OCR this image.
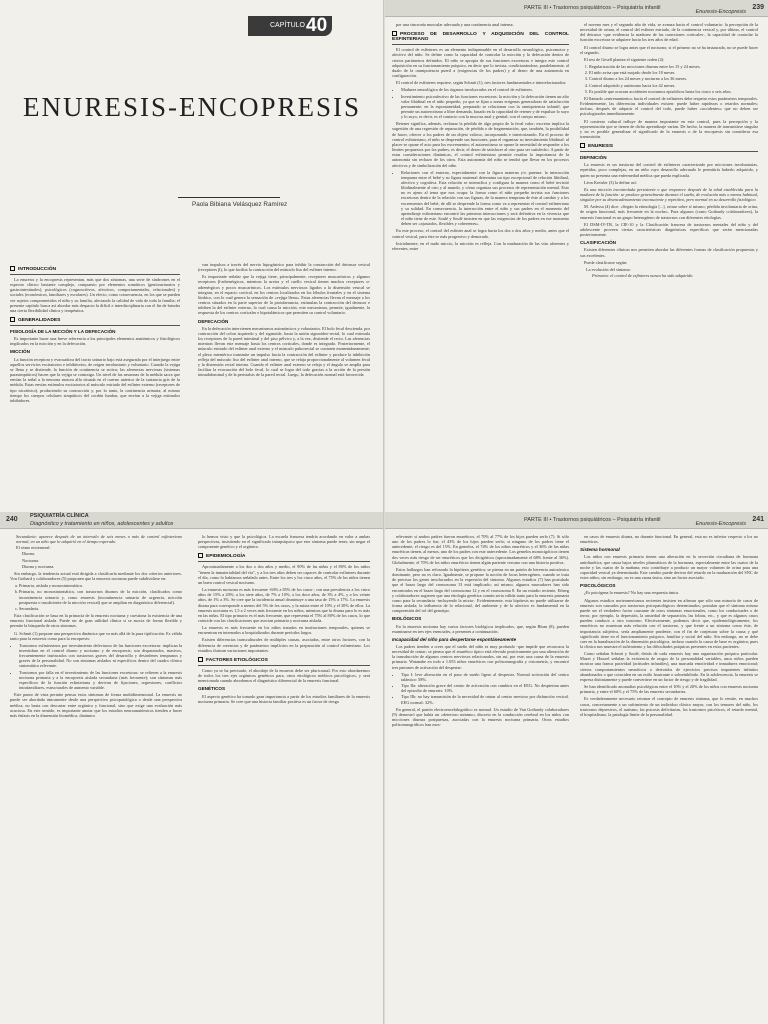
CAPÍTULO 40
ENURESIS-ENCOPRESIS
Paola Bibiana Velásquez Ramírez
INTRODUCCIÓN

La enuresis y la encopresis representan, más que dos síntomas, una serie de síndromes en el espectro clínico bastante complejo, compuesto por elementos somáticos (genitourinarios y gastrointestinales), psicológicos (cognoscitivos, afectivos, comportamentales, relacionales) y sociales (económicos, familiares y escolares). Un efecto, como consecuencia, en los que se pueden ver sujetos comprometidos el niño y su familia, afectando la calidad de vida de toda la familia; el presente capítulo busca así abordar más despacio la difícil e interdisciplinaria con el fin de brindar una cierta flexibilidad clínica y terapéutica.

GENERALIDADES
FISIOLOGÍA DE LA MICCIÓN Y LA DEFECACIÓN

Es importante hacer una breve referencia a los principales elementos anatómicos y fisiológicos implicados en la micción y en la defecación.

MICCIÓN

La función receptora y evacuadora del tracto urinario bajo está asegurada por el interjuego entre aquellos servicios excitatorios e inhibitorios, de origen involuntario y voluntario. Cuando la vejiga se llena y se distiende, la función de continencia se activa; las aferencias nerviosas (sistemas parasimpáticos) hacen que la vejiga se contraiga. Un nivel de las neuronas de la médula sacra que envían la señal a la neurona motora alfa situada en el cuerno anterior de la sustancia gris de la médula. Estas envían estímulos excitatorios al músculo estriado del esfínter externo (receptores de tipo nicotínico), produciendo su contracción y, por lo tanto, la continencia urinaria; al mismo tiempo los cuerpos celulares simpáticos del cordón lumbar, que envían a la vejiga estímulos inhibidores.

van impulsos a través del nervio hipogástrico para inhibir la contracción del detrusor vesical (receptores β), lo que facilita la contracción del músculo liso del esfínter interno.

Es importante señalar que la vejiga tiene, principalmente, receptores muscarínicos y algunos receptores β-adrenérgicos, mientras la uretra y el cuello vesical tienen muchos receptores α-adrenérgicos y pocos muscarínicos. Los estímulos nerviosos ligados a la distensión vesical se integran, en el espacio cortical, en los centros localizados en los lóbulos frontales y en el sistema límbico, con lo cual genera la sensación de «vejiga llena». Estas aferencias llevan el mensaje a los centros situados en la parte superior de la protuberancia, estimulan la contracción del detrusor e inhiben la del esfínter externo, lo cual causa la micción; este mecanismo, permite, igualmente, la respuesta de los centros corticales e hipotalámicos que permiten su control voluntario.

DEFECACIÓN

En la defecación intervienen mecanismos autonómicos y voluntarios. El bolo fecal descienda, por contracción del colon izquierdo y del sigmoide, hasta la unión sigmoideo-rectal, lo cual estimula los receptores de la pared intestinal y del piso pélvico y, a la vez, distiende el recto. Las aferencias mientras llevan este mensaje hasta los centros corticales, donde es integrado. Posteriormente, el músculo estriado del esfínter anal externo y el músculo puborrectal se contraen momentáneamente; el plexo mientérico transmite un impulso hacia la contracción del esfínter y produce la inhibición refleja del músculo liso del esfínter anal interno, que se relaja proporcionalmente al volumen fecal y la distensión rectal interna. Cuando el esfínter anal externo se relaja y el ángulo se amplía para facilitar la evacuación del bolo fecal, lo cual se logra del todo gracias a la acción de la presión intraabdominal y de la peristalsis de la pared rectal. Luego, la defecación normal está favorecida

PARTE III • Trastornos psiquiátricos – Psiquiatría infantil
Enuresis-Encopresis
239

por una sincronía muscular adecuada y una continencia anal intensa.

PROCESO DE DESARROLLO Y ADQUISICIÓN DEL CONTROL ESFINTERIANO

El control de esfínteres es un elemento indispensable en el desarrollo neurológico, psicomotor y afectivo del niño. Se define como la capacidad de controlar la micción y la defecación dentro de ciertos parámetros definidos. El niño se apropia de sus funciones excretoras e integra este control adquisición en su funcionamiento psíquico, en decir que lo invista, condicionándose, paralelamente, al dualo de la omnipotencia pueril a (exigencias de los padres) y al deseo de una autonomía en configuración.

El control de esfínteres requiere, según Schmit (1), tres factores fundamentales e interrelacionados:

• Madurez neurológica de los órganos involucrados en el control de esfínteres.
• Investimiento psicoafectivo de las funciones excretoras: la micción y la defecación tienen un alto valor libidinal en el niño pequeño, ya que se fijan a zonas erógenas generadoras de satisfacción permanente; en la espontaneidad, preparado se relacionan con la omnipotencia infantil, que permite un autoerotismo a libre demanda, basado en la capacidad de retener y de expulsar lo suyo y lo suyo, es decir, es el contacto con la mucosa anal y genital; con el cuerpo mismo.

Retener significa, además, rechazar la pérdida de algo propio de la fecal valor; excretar implica la sugestión de una regresión de separación, de pérdida o de fragmentación, que, también, la posibilidad de hacer, ofrecer a los padres de un objeto valioso, incorporando e interiorizando. En el proceso de control esfinteriano, el niño se desprende sus funciones, para el organizar su investimiento libidinal: al placer se opone el acto para los excrementos; el autoerotismo se opone la necesidad de responder a los límites propuestos por los padres, es decir, el deseo de satisfacer al otro para ser satisfecho. A partir de estas consideraciones dinámicas, el control esfinteriano permite resaltar la importancia de la autonomía sin rechazo de los otros. Esta autonomía del niño se tendrá que llevar en los procesos afectivos y de simbolización del niño.

• Relaciones con el entorno, especialmente con la figura materna y/o paterna: la interacción temprana entre el bebé y su figura maternal determina un tipo excepcional de relación libidinal, afectiva y cognitiva. Esta relación se intensifica y configura la manera como el bebé invistió libidinalmente al otro y al mundo, y cómo organiza sus procesos de representación mental. Esto no es ajeno al tema que nos ocupa: la forma como el niño pequeño invista sus funciones excretoras dentro de la relación con sus figuras, de la manera temprana de éste al cambio y a los excrementos del bebé, de allí se desprende la forma como va a representar el control esfinteriano y su solidad. En consecuencia, la interacción entre el niño y sus padres en el momento del aprendizaje esfinteriano encontró las primeras interacciones y será definitiva en la vivencia que el niño tiene de este. Soulé y Soulé insisten en que las exigencias de los padres en ese momento deben ser «ajustados, flexibles y coherentes».

En este proceso, el control del esfínter anal se logra hacia los dos o dos años y medio, antes que el control vesical, para éste se más progresivo y demorado.

Inicialmente, en el nudo miccio, la micción es refleja. Con la maduración de las vías aferentes y eferentes, entre

el noveno mes y el segundo año de vida, se avanza hacia el control voluntario: la percepción de la necesidad de orinar, el control del esfínter estriado, de la continencia vesical y, por último, el control del detrusor -que evidencia la madurez de las conexiones corticales-, la capacidad de controlar la función excretora se adquiere hacia los tres años de edad.

El control diurno se logra antes que el nocturno; si el primero no se ha instaurado, no se puede hacer el segundo.

El test de Gesell plantea el siguiente orden (2):

1. Regularización de las micciones diurnas entre los 15 y 24 meses.
2. El niño avisa que está mojado desde los 18 meses.
3. Control diurno a los 24 meses y nocturno a los 36 meses.
4. Control adquirido y autónomo hacia los 42 meses.
5. Es posible que ocurran accidentes nocturnos episódicos hasta los cinco o seis años.

El llamado «entrenamiento» hacia el control de esfínteres debe respetar estos parámetros temporales. Evidentemente, las diferencias individuales existen: puede haber rapidezas o retardos normales; incluso, después de adquirir el control del todo, puede haber «accidentes» que no deben ser psicologizados inmediatamente.

El contexto cultural influye de manera importante en este control, pues la percepción y la representación que se tienen de dicho aprendizaje varían. De hecho, la manera de transmitirse singular y no es posible generalizar el significado de la enuresis o de la encopresis sin considerar esa transmisión.

ENURESIS
DEFINICIÓN

La enuresis es un trastorno del control de esfínteres caracterizado por micciones involuntarias, repetidas, poco complejas, en un niño cuyo desarrollo adecuado le permitiría haberlo adquirido, y quien no presenta una enfermedad médica que pueda explicarla.

Léon Kreisler (3) la define así:

Es una micción incontrolada persistente o que reaparece después de la edad establecida para la madurez de la función: se produce generalmente durante el sueño, de evolución más o menos habitual, singular por su desencadenamiento inconsciente y repetitivo, pero normal en su desarrollo fisiológico.

M. Ardessa (4) dice: «Según la etimología [...], orinar sobre sí mismo; pérdida involuntaria de orina, de origen funcional, más frecuente en la noche». Para algunos (como Gothardy colaboradores), la enuresis funcional es un grupo heterogéneo de trastornos con diferentes etiologías.

El DSM-IV-TR, la CIE-10 y la Clasificación francesa de trastornos mentales del niño y del adolescente proveen ciertas características diagnósticas específicas que serán mencionadas posteriormente.

CLASIFICACIÓN

Existen diferentes clínicas nos permiten abordar las diferentes formas de clasificación propuestas y sus excelentes.

Puede clasificarse según:

La evolución del síntoma:
Primaria: el control de esfínteres nunca ha sido adquirido.
240 PSIQUIATRÍA CLÍNICA
Diagnóstico y tratamiento en niños, adolescentes y adultos
Secundaria: aparece después de un intervalo de seis meses o más de control esfinteriano normal, en un niño que lo adquirió en el tiempo esperado.
El ritmo nictemeral:
Diurna.
Nocturna.
Diurna y nocturna.

Sin embargo, la tendencia actual está dirigida a clasificarla mediante los dos criterios anteriores. Von Gothard y colaboradores (5) proponen que la enuresis nocturna puede subdividirse en:

a. Primaria, aislada y monosintomática.
b. Primaria, no monosintomática, con trastornos diurnos de la micción, clasificados como incontinencia urinaria y, como enuresis (incontinencia urinaria de urgencia, micción postpuesta o insuficiente de la micción vesical) que se amplían en diagnóstico diferencial).
c. Secundaria.

Esta clasificación se basa en la primacía de la enuresis nocturna y cuestiona la existencia de una enuresis funcional aislada. Puede ser de gran utilidad clínica si se asocia de forma flexible y permite la búsqueda de otros síntomas.

G. Schmit (1) propone una perspectiva dinámica que va más allá de la pura tipificación. Es válida tanto para la enuresis como para la encopresis:

• Trastornos esfinterianos por investimiento defectuoso de las funciones excretoras: implican la investidura en el control diurno y nocturno y de encopresis; son disparatados, masivos, frecuentemente intrincados con trastornos graves del desarrollo y desórdenes tempranos y graves de la personalidad. No son síntomas aislados ni específicos dentro del cuadro clínico sintomático relevante.
• Trastornos por falla en el investimiento de las funciones excretoras: se refieren a la enuresis nocturna primaria y a la encopresis aislada secundaria (más frecuente); son síntomas más específicos de la función esfinteriana y derivan de fijaciones, regresiones, conflictos intrafamiliares, estructurales de aumento variable.

Este punto de vista permite pensar estos síntomas de forma multidimensional. La enuresis no puede ser abordada únicamente desde una perspectiva psicopatológica o desde una perspectiva médica, no basta con descartar entre orgánico y funcional, sino que exige una evaluación más acuciosa. En este sentido, es importante anotar que los estudios neuroanatómicos tienden a hacer más énfasis en la dimensión biomédica, dinámico

lo hemos visto y que la psicológica. La escuela francesa tendría acordando en valor a ambas perspectivas, insistiendo en el significado intrapsíquico que este síntoma puede tener, sin negar el componente genético y el orgánico.

EPIDEMIOLOGÍA

Aproximadamente a los dos o dos años y medio, el 90% de las niñas y el 80% de los niños "tienen la inmaterialidad del vía", y a los tres años deben ser capaces de controlar esfínteres durante el día, como lo habíamos señalado antes. Entre los tres y los cinco años, el 75% de los niños tienen un buen control vesical nocturno.

La enuresis nocturna es más frecuente -60% a 85% de los casos-, con una prevalencia a los cinco años de 15% a 20%; a los siete años, de 7% a 10%; a los doce años, de 3% a 4%, y a los veinte años, de 1% a 3%. Se cree que la incidencia anual disminuye a una tasa de 15% a 17%. La enuresis diurna para corresponde a menos del 5% de los casos, y la mixta entre el 10% y el 30% de ellos. La enuresis nocturna es 1,5 a 2 veces más frecuente en los niños, mientras que la diurna para lo es más en las niñas. El tipo primario es el más frecuente, que representa el 75% al 80% de los casos, lo que coincide con las clasificaciones que asocian primaria y nocturna aislada.

La enuresis es más frecuente en los niños tratados en instituciones temporales, quienes se encuentran en internados u hospitalizados durante períodos largos.

Existen diferencias transculturales de múltiples causas, asociadas, entre otros factores, con la diferencia de creencias y de parámetros implícitos en la preparación al control esfinteriano. Los estudios ilustran variaciones importantes.

FACTORES ETIOLÓGICOS

Como ya se ha precisado, el abordaje de la enuresis debe ser pluricausal. Por esto abordaremos de todos los tres ejes orgánicos genéticos para, otros etiológicos médicos psicológicos, y será mencionada cuando abordemos el diagnóstico diferencial de la enuresis funcional.

GENÉTICOS

El aspecto genético ha tomado gran importancia a partir de los estudios familiares de la enuresis nocturna primaria. Se cree que una historia familiar positiva es un factor de riesgo

PARTE III • Trastornos psiquiátricos – Psiquiatría infantil
Enuresis-Encopresis
241

relevante: si ambos padres fueron enuréticos, el 70% al 77% de los hijos pueden serlo (7). Si sólo uno de los padres lo fue, el 43% de los hijos pueden serlo; si ninguno de los padres tiene el antecedente, el riesgo es del 15%. En gemelos, el 74% de los niños enuréticos y el 36% de las niñas enuréticas tienen, al menos, uno de los padres con este antecedente. Los gemelos monocigóticos tienen dos veces más riesgo de ser enuréticos que los dicigóticos (aproximadamente el 68% frente al 36%). Globalmente, el 70% de los niños enuréticos tienen algún pariente cercano con una historia positiva.

Estos hallazgos han reforzado la hipótesis genética; se piensa en un patrón de herencia autosómico dominante, pero no es claro. Igualmente, se propone la noción de locus heterogéneo, cuando se trata de precisar los genes involucrados en la expresión del síntoma. Algunos estudios (7) han postulado que el brazo largo del cromosoma 13 está implicado; así mismo, algunos marcadores han sido encontrados en el brazo largo del cromosoma 12 y en el cromosoma 8. En un estudio reciente, Eiberg y colaboradores sugieren que una etiología genética común sería válida tanto para la enuresis primaria como para la secundaria -incluyendo la mixta-. Evidentemente, esta hipótesis no puede utilizarse de forma aislada; la influencia de lo relacional, del ambiente y de lo afectivo es fundamental en la comprensión del rol del genotipo.

BIOLÓGICOS

En la enuresis nocturna hay varios factores biológicos implicados, que, según Blum (8), pueden examinarse en tres ejes esenciales, a presentes a continuación.

Incapacidad del niño para despertarse espontáneamente

Los padres tienden a creer que el sueño del niño es muy profundo -que impide que reconozca la necesidad de orinar; se piensa que el enurético típico está elevado positivamente por una alteración de la transducción de algunos centros nerviosos relacionados, sin así, por este, una causa de la enuresis primaria. Watanabe en todo a 1.053 niños enuréticos con polisomnografía y cistometría, y encontró tres patrones de activación del despertar:

• Tipo I: leve alteración en el paso de sueño ligero al despertar. Normal activación del centro talámico: 58%.
• Tipo IIa: alteración grave del centro de activación con cambios en el EEG. No despiertan antes del episodio de enuresis: 10%.
• Tipo IIb: no hay transmisión de la necesidad de orinar al centro nervioso por disfunción vesical. EEG normal: 32%.

En general, el patrón electroencefalográfico es normal. Un estudio de Van Gothardy colaboradores (9) demostró que había un «deterioro mínimo» discreto en la conducción cerebral en los niños con micciones diurnas postpuestas, asociadas con la enuresis nocturna primaria. Otros estudios polisomnográficos han mos-

en casos de enuresis diurna, no durante funcional. En general, esta no es inferior respecto a los no enuréticos.

Sistema hormonal

Los niños con enuresis primaria tienen una alteración en la secreción circadiana de hormona antidiurética, que causa bajos niveles plasmáticos de la hormona, especialmente entre las cuatro de la noche y las cuatro de la mañana; esto contribuye a producir un mayor volumen de orina para una capacidad vesical ya determinada. Este cambio puede derivar del retardo en la maduración del SNC de estos niños; sin embargo, no es una causa única, sino un factor asociado.

PSICOLÓGICOS

¿Es psicógena la enuresis? No hay una respuesta única.

Algunos estudios norteamericanos recientes insisten en afirmar que sólo una minoría de casos de enuresis son causados por trastornos psicopatológicos determinados; postulan que el síntoma mismo puede ser el verdadero factor causante de otros síntomas emocionales, como los conductuales o de terror, por ejemplo, la depresión, la ansiedad de separación, las fobias, etc., y que es algunos casos pueden conducir a otro trastorno. Efectivamente, podemos decir que, epidemiológicamente, los enuréticos no muestran más relación con el trastorno, y que frente a un síntoma como éste, de importancia subjetiva, sería ampliamente prudente, con el fin de conjeturar sobre la causa y qué significado tiene en el funcionamiento psíquico, familiar y social del niño. Sin embargo, no se debe caer en la banalización de la dimensión psicológica, incluso cuando la causa de base es orgánica, pues la clínica nos muestra el sufrimiento y las dificultades psíquicas presentes en estos pacientes.

Como señalan Schmit y Soulé, detrás de cada enuresis hay una organización psíquica particular. Mazet y Houzel señalan la existencia de rasgos de la personalidad variables, unos niños pueden mostrar una franca pasividad (actitudes infantiles), una marcada emotividad e inmadurez emocional; ciertos comportamientos neuróticos o derivados de ejercicios precisos impotentes infinitos abandonados o que coinciden en un estilo frustrante o sobreinhibido. En la adolescencia, la enuresis se expresa distintamente y puede convertirse en un factor de riesgo y de fragilidad.

Se han identificado anomalías psicológicas entre el 10% y el 20% de los niños con enuresis nocturna primaria, y entre el 60% y el 75% de las enuresis secundarias.

Es verdaderamente necesario retomar el concepto de enuresis síntoma, que lo remite, en muchos casos, concretamente a un sufrimiento de un individuo clínico mayor, con los temores del niño, los trastornos depresivos, el autismo, las psicosis deficitarias, los trastornos psicóticos, el retardo mental, el hospitalismo, la patología límite de la personalidad.
